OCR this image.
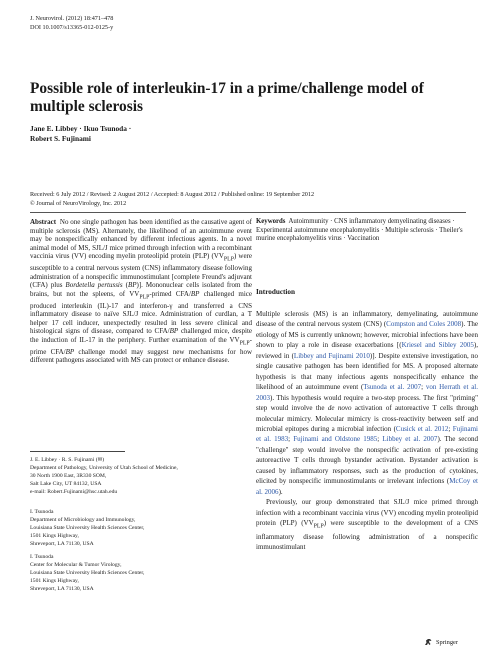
J. Neurovirol. (2012) 18:471–478
DOI 10.1007/s13365-012-0125-y
Possible role of interleukin-17 in a prime/challenge model of multiple sclerosis
Jane E. Libbey · Ikuo Tsunoda ·
Robert S. Fujinami
Received: 6 July 2012 / Revised: 2 August 2012 / Accepted: 8 August 2012 / Published online: 19 September 2012
© Journal of NeuroVirology, Inc. 2012

Abstract No one single pathogen has been identified as the causative agent of multiple sclerosis (MS). Alternately, the likelihood of an autoimmune event may be nonspecifically enhanced by different infectious agents. In a novel animal model of MS, SJL/J mice primed through infection with a recombinant vaccinia virus (VV) encoding myelin proteolipid protein (PLP) $(VV_{PLP})$ were susceptible to a central nervous system (CNS) inflammatory disease following administration of a nonspecific immunostimulant [complete Freund's adjuvant (CFA) plus Bordetella pertussis (BP)]. Mononuclear cells isolated from the brains, but not the spleens, of $VV_{PLP}$-primed CFA/BP challenged mice produced interleukin (IL)-17 and interferon-γ and transferred a CNS inflammatory disease to naïve SJL/J mice. Administration of curdlan, a T helper 17 cell inducer, unexpectedly resulted in less severe clinical and histological signs of disease, compared to CFA/BP challenged mice, despite the induction of IL-17 in the periphery. Further examination of the $VV_{PLP}$-prime CFA/BP challenge model may suggest new mechanisms for how different pathogens associated with MS can protect or enhance disease.

J. E. Libbey · R. S. Fujinami (✉)
Department of Pathology, University of Utah School of Medicine,
30 North 1900 East, 3R330 SOM,
Salt Lake City, UT 84132, USA
e-mail: Robert.Fujinami@hsc.utah.edu
I. Tsunoda
Department of Microbiology and Immunology,
Louisiana State University Health Sciences Center,
1501 Kings Highway,
Shreveport, LA 71130, USA
I. Tsunoda
Center for Molecular & Tumor Virology,
Louisiana State University Health Sciences Center,
1501 Kings Highway,
Shreveport, LA 71130, USA

Keywords Autoimmunity · CNS inflammatory demyelinating diseases · Experimental autoimmune encephalomyelitis · Multiple sclerosis · Theiler's murine encephalomyelitis virus · Vaccination

Introduction

Multiple sclerosis (MS) is an inflammatory, demyelinating, autoimmune disease of the central nervous system (CNS) (Compston and Coles 2008). The etiology of MS is currently unknown; however, microbial infections have been shown to play a role in disease exacerbations [(Kriesel and Sibley 2005), reviewed in (Libbey and Fujinami 2010)]. Despite extensive investigation, no single causative pathogen has been identified for MS. A proposed alternate hypothesis is that many infectious agents nonspecifically enhance the likelihood of an autoimmune event (Tsunoda et al. 2007; von Herrath et al. 2003). This hypothesis would require a two-step process. The first "priming" step would involve the de novo activation of autoreactive T cells through molecular mimicry. Molecular mimicry is cross-reactivity between self and microbial epitopes during a microbial infection (Cusick et al. 2012; Fujinami et al. 1983; Fujinami and Oldstone 1985; Libbey et al. 2007). The second "challenge" step would involve the nonspecific activation of pre-existing autoreactive T cells through bystander activation. Bystander activation is caused by inflammatory responses, such as the production of cytokines, elicited by nonspecific immunostimulants or irrelevant infections (McCoy et al. 2006).

Previously, our group demonstrated that SJL/J mice primed through infection with a recombinant vaccinia virus (VV) encoding myelin proteolipid protein (PLP) $(VV_{PLP})$ were susceptible to the development of a CNS inflammatory disease following administration of a nonspecific immunostimulant

Springer
